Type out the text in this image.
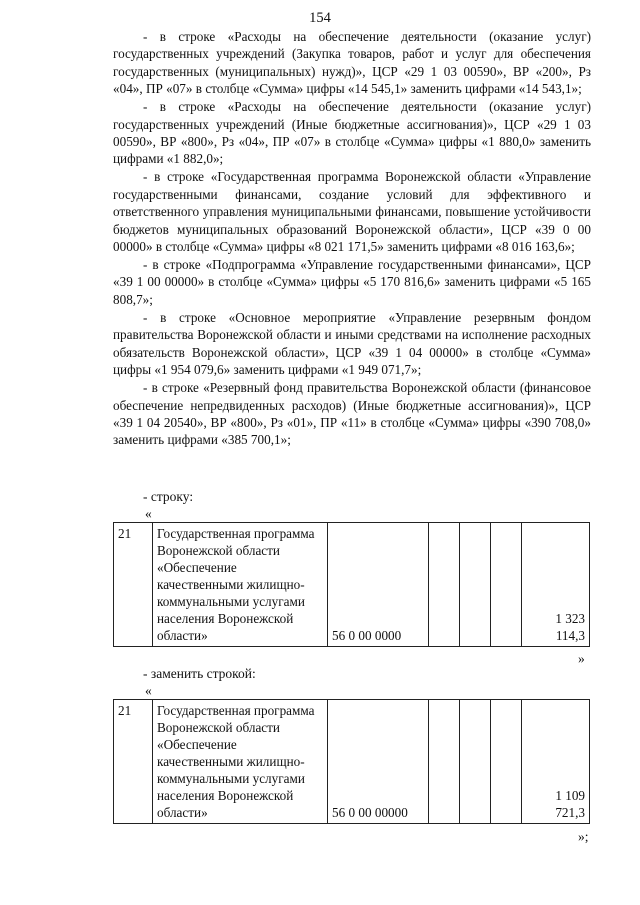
154

- в строке «Расходы на обеспечение деятельности (оказание услуг) государственных учреждений (Закупка товаров, работ и услуг для обеспечения государственных (муниципальных) нужд)», ЦСР «29 1 03 00590», ВР «200», Рз «04», ПР «07» в столбце «Сумма» цифры «14 545,1» заменить цифрами «14 543,1»;

- в строке «Расходы на обеспечение деятельности (оказание услуг) государственных учреждений (Иные бюджетные ассигнования)», ЦСР «29 1 03 00590», ВР «800», Рз «04», ПР «07» в столбце «Сумма» цифры «1 880,0» заменить цифрами «1 882,0»;

- в строке «Государственная программа Воронежской области «Управление государственными финансами, создание условий для эффективного и ответственного управления муниципальными финансами, повышение устойчивости бюджетов муниципальных образований Воронежской области», ЦСР «39 0 00 00000» в столбце «Сумма» цифры «8 021 171,5» заменить цифрами «8 016 163,6»;

- в строке «Подпрограмма «Управление государственными финансами», ЦСР «39 1 00 00000» в столбце «Сумма» цифры «5 170 816,6» заменить цифрами «5 165 808,7»;

- в строке «Основное мероприятие «Управление резервным фондом правительства Воронежской области и иными средствами на исполнение расходных обязательств Воронежской области», ЦСР «39 1 04 00000» в столбце «Сумма» цифры «1 954 079,6» заменить цифрами «1 949 071,7»;

- в строке «Резервный фонд правительства Воронежской области (финансовое обеспечение непредвиденных расходов) (Иные бюджетные ассигнования)», ЦСР «39 1 04 20540», ВР «800», Рз «01», ПР «11» в столбце «Сумма» цифры «390 708,0» заменить цифрами «385 700,1»;

- строку:
«
21	Государственная программа Воронежской области «Обеспечение качественными жилищно-коммунальными услугами населения Воронежской области»	56 0 00 0000				1 323 114,3
»
- заменить строкой:
«
21	Государственная программа Воронежской области «Обеспечение качественными жилищно-коммунальными услугами населения Воронежской области»	56 0 00 00000				1 109 721,3
»;
